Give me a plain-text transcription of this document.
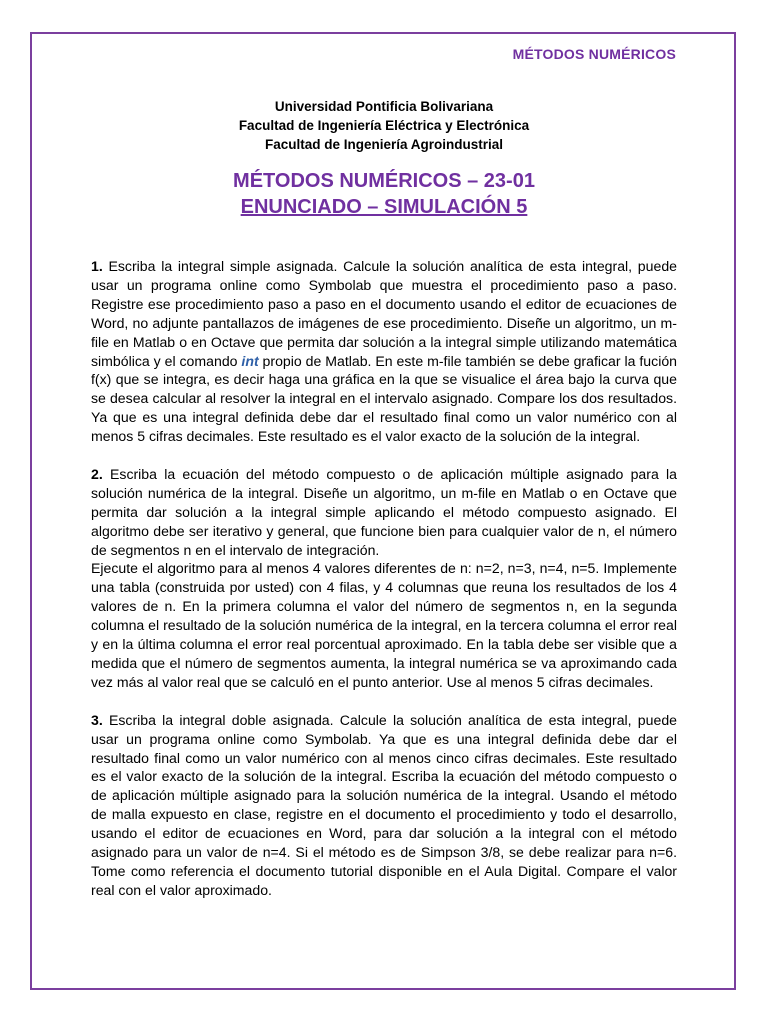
MÉTODOS NUMÉRICOS
Universidad Pontificia Bolivariana
Facultad de Ingeniería Eléctrica y Electrónica
Facultad de Ingeniería Agroindustrial
MÉTODOS NUMÉRICOS – 23-01
ENUNCIADO – SIMULACIÓN 5

1. Escriba la integral simple asignada. Calcule la solución analítica de esta integral, puede usar un programa online como Symbolab que muestra el procedimiento paso a paso. Registre ese procedimiento paso a paso en el documento usando el editor de ecuaciones de Word, no adjunte pantallazos de imágenes de ese procedimiento. Diseñe un algoritmo, un m-file en Matlab o en Octave que permita dar solución a la integral simple utilizando matemática simbólica y el comando int propio de Matlab. En este m-file también se debe graficar la fución f(x) que se integra, es decir haga una gráfica en la que se visualice el área bajo la curva que se desea calcular al resolver la integral en el intervalo asignado. Compare los dos resultados. Ya que es una integral definida debe dar el resultado final como un valor numérico con al menos 5 cifras decimales. Este resultado es el valor exacto de la solución de la integral.

2. Escriba la ecuación del método compuesto o de aplicación múltiple asignado para la solución numérica de la integral. Diseñe un algoritmo, un m-file en Matlab o en Octave que permita dar solución a la integral simple aplicando el método compuesto asignado. El algoritmo debe ser iterativo y general, que funcione bien para cualquier valor de n, el número de segmentos n en el intervalo de integración.
Ejecute el algoritmo para al menos 4 valores diferentes de n: n=2, n=3, n=4, n=5. Implemente una tabla (construida por usted) con 4 filas, y 4 columnas que reuna los resultados de los 4 valores de n. En la primera columna el valor del número de segmentos n, en la segunda columna el resultado de la solución numérica de la integral, en la tercera columna el error real y en la última columna el error real porcentual aproximado. En la tabla debe ser visible que a medida que el número de segmentos aumenta, la integral numérica se va aproximando cada vez más al valor real que se calculó en el punto anterior. Use al menos 5 cifras decimales.

3. Escriba la integral doble asignada. Calcule la solución analítica de esta integral, puede usar un programa online como Symbolab. Ya que es una integral definida debe dar el resultado final como un valor numérico con al menos cinco cifras decimales. Este resultado es el valor exacto de la solución de la integral. Escriba la ecuación del método compuesto o de aplicación múltiple asignado para la solución numérica de la integral. Usando el método de malla expuesto en clase, registre en el documento el procedimiento y todo el desarrollo, usando el editor de ecuaciones en Word, para dar solución a la integral con el método asignado para un valor de n=4. Si el método es de Simpson 3/8, se debe realizar para n=6. Tome como referencia el documento tutorial disponible en el Aula Digital. Compare el valor real con el valor aproximado.
